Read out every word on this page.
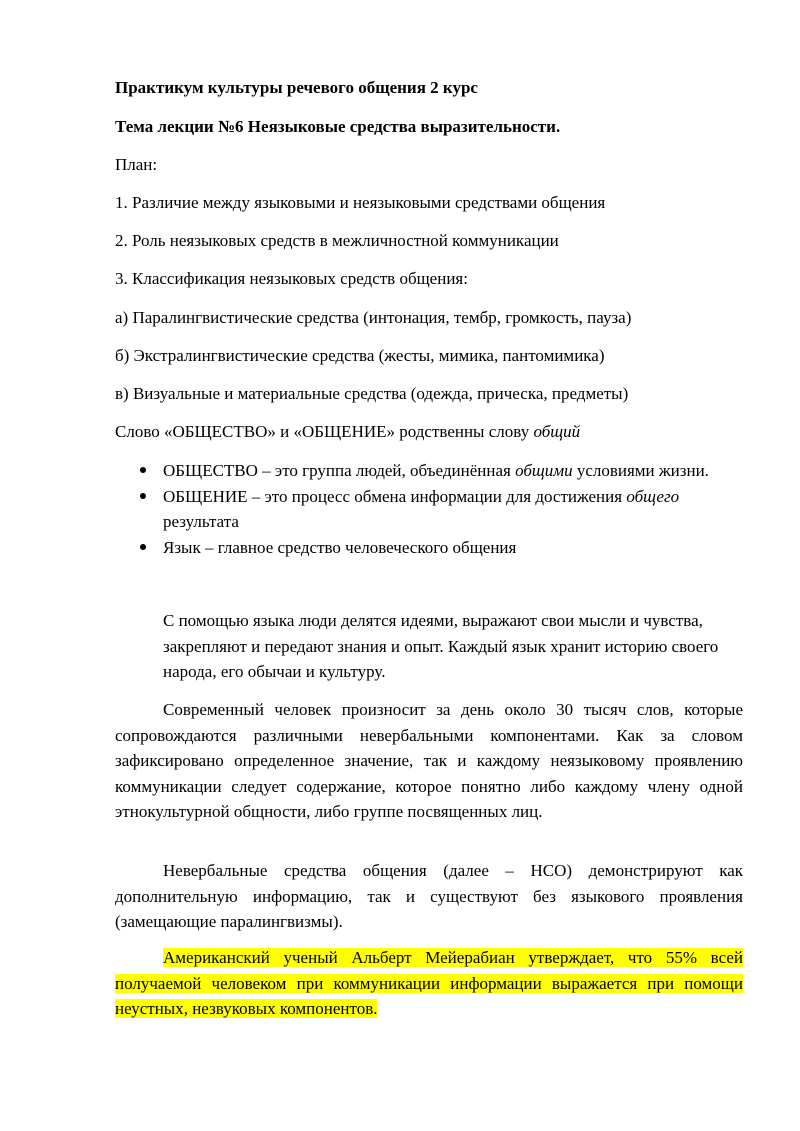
Практикум культуры речевого общения 2 курс

Тема лекции №6 Неязыковые средства выразительности.

План:

1. Различие между языковыми и неязыковыми средствами общения

2. Роль неязыковых средств в межличностной коммуникации

3. Классификация неязыковых средств общения:

а) Паралингвистические средства (интонация, тембр, громкость, пауза)

б) Экстралингвистические средства (жесты, мимика, пантомимика)

в) Визуальные и материальные средства (одежда, прическа, предметы)

Слово «ОБЩЕСТВО» и «ОБЩЕНИЕ» родственны слову общий

ОБЩЕСТВО – это группа людей, объединённая общими условиями жизни.
ОБЩЕНИЕ – это процесс обмена информации для достижения общего результата
Язык – главное средство человеческого общения

С помощью языка люди делятся идеями, выражают свои мысли и чувства, закрепляют и передают знания и опыт. Каждый язык хранит историю своего народа, его обычаи и культуру.

Современный человек произносит за день около 30 тысяч слов, которые сопровождаются различными невербальными компонентами. Как за словом зафиксировано определенное значение, так и каждому неязыковому проявлению коммуникации следует содержание, которое понятно либо каждому члену одной этнокультурной общности, либо группе посвященных лиц.

Невербальные средства общения (далее – НСО) демонстрируют как дополнительную информацию, так и существуют без языкового проявления (замещающие паралингвизмы).

Американский ученый Альберт Мейерабиан утверждает, что 55% всей получаемой человеком при коммуникации информации выражается при помощи неустных, незвуковых компонентов.
